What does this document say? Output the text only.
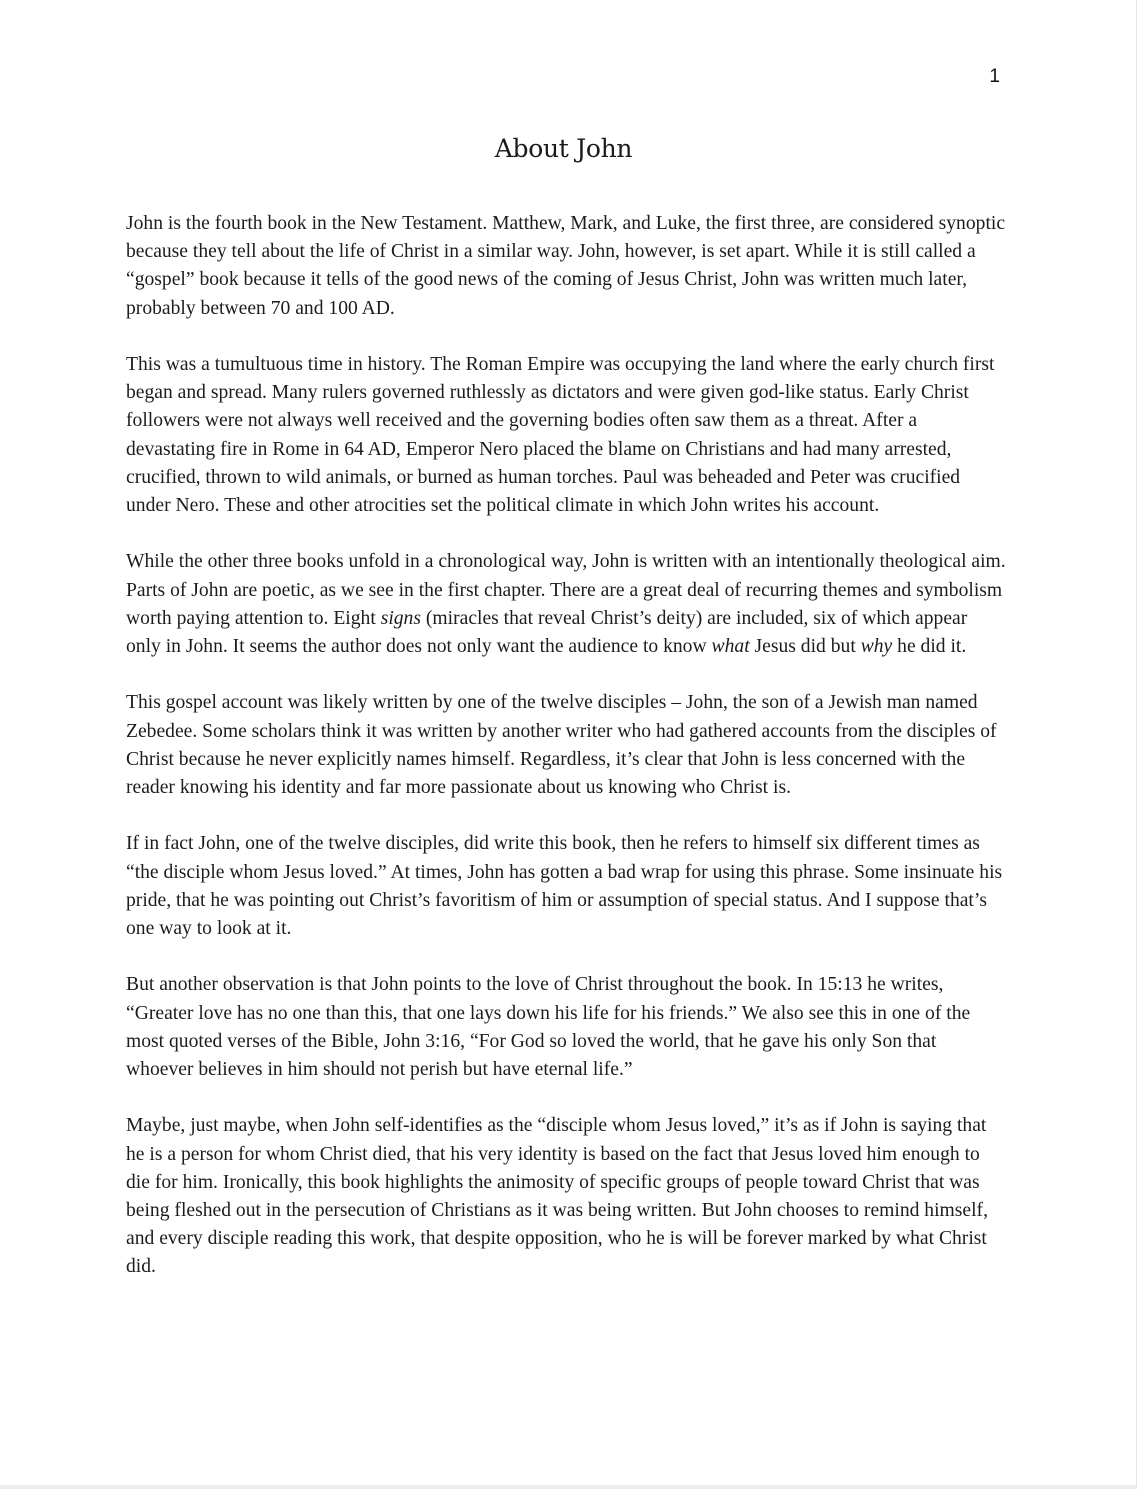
1
About John

John is the fourth book in the New Testament. Matthew, Mark, and Luke, the first three, are considered synoptic because they tell about the life of Christ in a similar way. John, however, is set apart. While it is still called a “gospel” book because it tells of the good news of the coming of Jesus Christ, John was written much later, probably between 70 and 100 AD.

This was a tumultuous time in history. The Roman Empire was occupying the land where the early church first began and spread. Many rulers governed ruthlessly as dictators and were given god-like status. Early Christ followers were not always well received and the governing bodies often saw them as a threat. After a devastating fire in Rome in 64 AD, Emperor Nero placed the blame on Christians and had many arrested, crucified, thrown to wild animals, or burned as human torches. Paul was beheaded and Peter was crucified under Nero. These and other atrocities set the political climate in which John writes his account.

While the other three books unfold in a chronological way, John is written with an intentionally theological aim. Parts of John are poetic, as we see in the first chapter. There are a great deal of recurring themes and symbolism worth paying attention to. Eight signs (miracles that reveal Christ’s deity) are included, six of which appear only in John. It seems the author does not only want the audience to know what Jesus did but why he did it.

This gospel account was likely written by one of the twelve disciples – John, the son of a Jewish man named Zebedee. Some scholars think it was written by another writer who had gathered accounts from the disciples of Christ because he never explicitly names himself. Regardless, it’s clear that John is less concerned with the reader knowing his identity and far more passionate about us knowing who Christ is.

If in fact John, one of the twelve disciples, did write this book, then he refers to himself six different times as “the disciple whom Jesus loved.” At times, John has gotten a bad wrap for using this phrase. Some insinuate his pride, that he was pointing out Christ’s favoritism of him or assumption of special status. And I suppose that’s one way to look at it.

But another observation is that John points to the love of Christ throughout the book. In 15:13 he writes, “Greater love has no one than this, that one lays down his life for his friends.” We also see this in one of the most quoted verses of the Bible, John 3:16, “For God so loved the world, that he gave his only Son that whoever believes in him should not perish but have eternal life.”

Maybe, just maybe, when John self-identifies as the “disciple whom Jesus loved,” it’s as if John is saying that he is a person for whom Christ died, that his very identity is based on the fact that Jesus loved him enough to die for him. Ironically, this book highlights the animosity of specific groups of people toward Christ that was being fleshed out in the persecution of Christians as it was being written. But John chooses to remind himself, and every disciple reading this work, that despite opposition, who he is will be forever marked by what Christ did.
